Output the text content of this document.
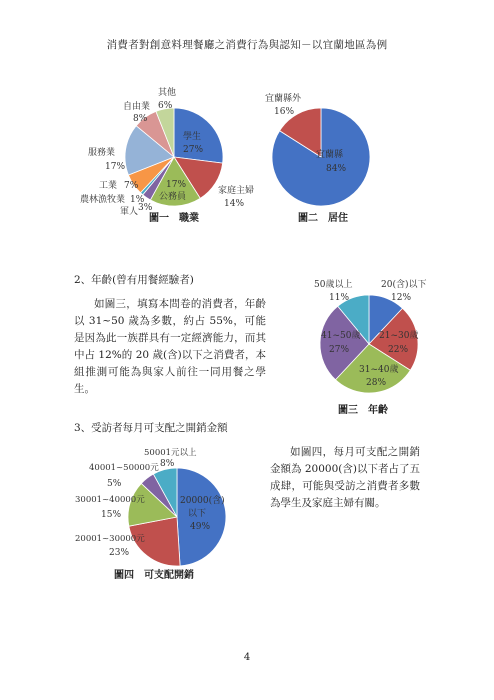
消費者對創意料理餐廳之消費行為與認知－以宜蘭地區為例
學生
27%
家庭主婦
14%
17%
公務員
軍人 3%
農林漁牧業 1%
工業 7%
服務業
17%
自由業
8%
其他
6%
圖一　職業
宜蘭縣
84%
宜蘭縣外
16%
圖二　居住
20(含)以下
12%
21~30歲
22%
31~40歲
28%
41~50歲
27%
50歲以上
11%
圖三　年齡
20000(含)
以下
49%
20001~30000元
23%
30001~40000元
15%
40001~50000元
5%
50001元以上
8%
圖四　可支配開銷
2、年齡(曾有用餐經驗者)
如圖三，填寫本問卷的消費者，年齡以 31~50 歲為多數，約占 55%，可能是因為此一族群具有一定經濟能力，而其中占 12%的 20 歲(含)以下之消費者，本組推測可能為與家人前往一同用餐之學生。
3、受訪者每月可支配之開銷金額
如圖四，每月可支配之開銷金額為 20000(含)以下者占了五成肆，可能與受訪之消費者多數為學生及家庭主婦有關。
4
